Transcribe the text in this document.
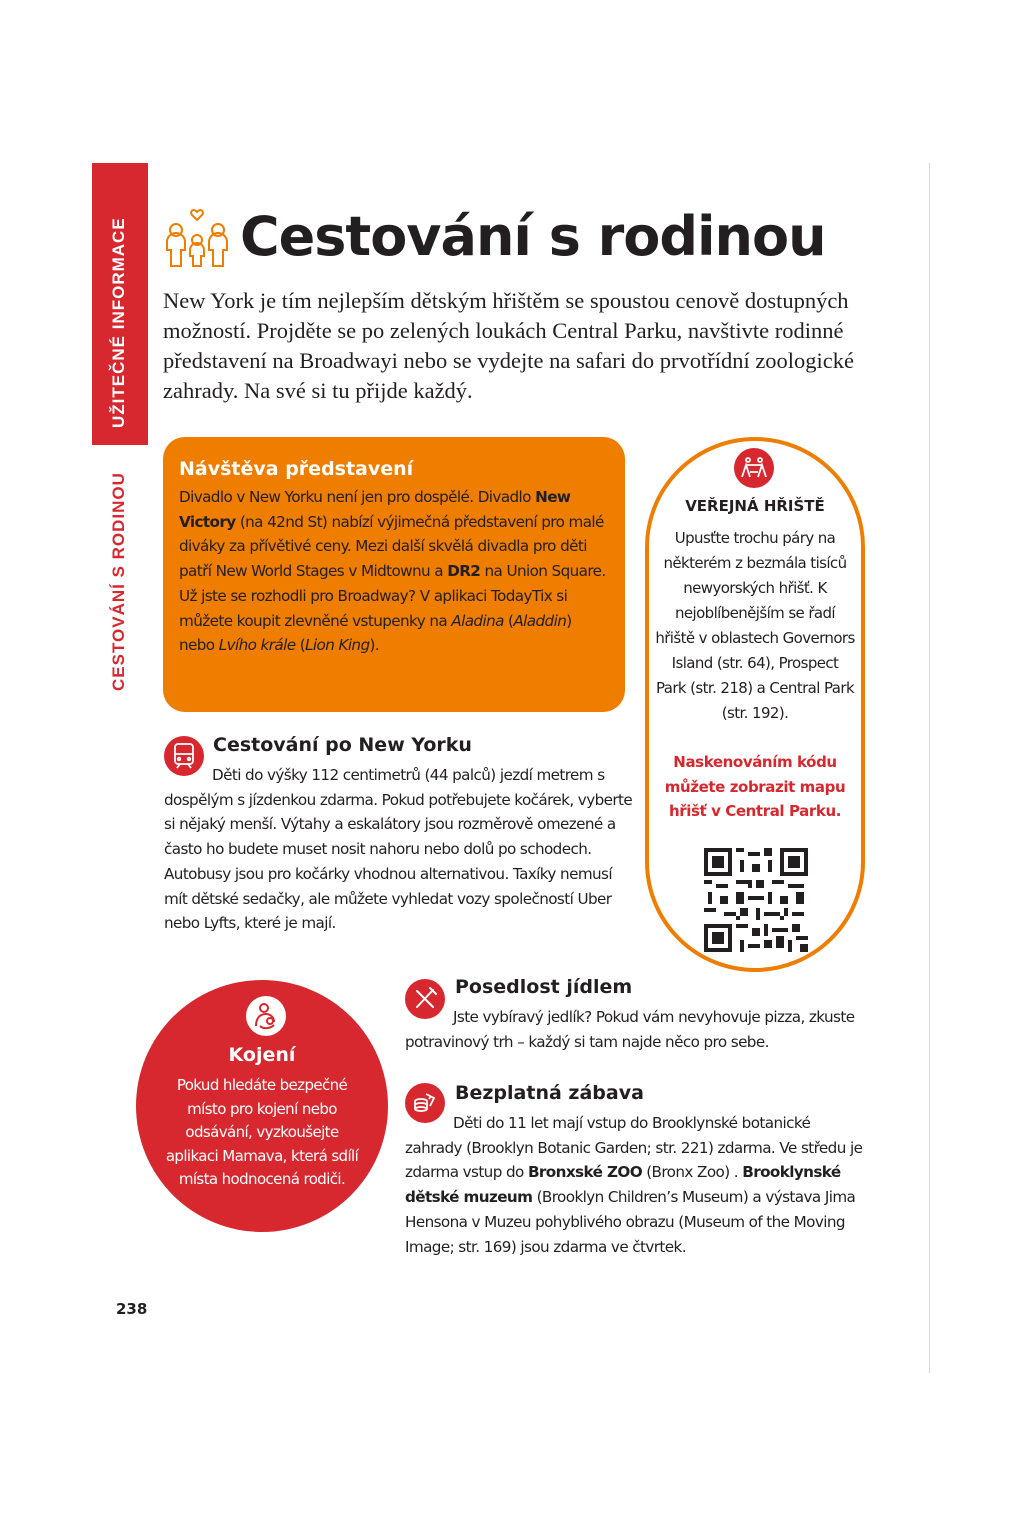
UŽITEČNÉ INFORMACE
CESTOVÁNÍ S RODINOU
Cestování s rodinou
New York je tím nejlepším dětským hřištěm se spoustou cenově dostupných možností. Projděte se po zelených loukách Central Parku, navštivte rodinné představení na Broadwayi nebo se vydejte na safari do prvotřídní zoologické zahrady. Na své si tu přijde každý.
Návštěva představení

Divadlo v New Yorku není jen pro dospělé. Divadlo New Victory (na 42nd St) nabízí výjimečná představení pro malé diváky za přívětivé ceny. Mezi další skvělá divadla pro děti patří New World Stages v Midtownu a DR2 na Union Square. Už jste se rozhodli pro Broadway? V aplikaci TodayTix si můžete koupit zlevněné vstupenky na Aladina (Aladdin) nebo Lvího krále (Lion King).

VEŘEJNÁ HŘIŠTĚ
Upusťte trochu páry na některém z bezmála tisíců newyorských hřišť. K nejoblíbenějším se řadí hřiště v oblastech Governors Island (str. 64), Prospect Park (str. 218) a Central Park (str. 192).
Naskenováním kódu můžete zobrazit mapu hřišť v Central Parku.
Cestování po New Yorku
Děti do výšky 112 centimetrů (44 palců) jezdí metrem s dospělým s jízdenkou zdarma. Pokud potřebujete kočárek, vyberte si nějaký menší. Výtahy a eskalátory jsou rozměrově omezené a často ho budete muset nosit nahoru nebo dolů po schodech. Autobusy jsou pro kočárky vhodnou alternativou. Taxíky nemusí mít dětské sedačky, ale můžete vyhledat vozy společností Uber nebo Lyfts, které je mají.
Posedlost jídlem
Jste vybíravý jedlík? Pokud vám nevyhovuje pizza, zkuste potravinový trh – každý si tam najde něco pro sebe.
Bezplatná zábava
Děti do 11 let mají vstup do Brooklynské botanické zahrady (Brooklyn Botanic Garden; str. 221) zdarma. Ve středu je zdarma vstup do Bronxské ZOO (Bronx Zoo) . Brooklynské dětské muzeum (Brooklyn Children’s Museum) a výstava Jima Hensona v Muzeu pohyblivého obrazu (Museum of the Moving Image; str. 169) jsou zdarma ve čtvrtek.
Kojení
Pokud hledáte bezpečné místo pro kojení nebo odsávání, vyzkoušejte aplikaci Mamava, která sdílí místa hodnocená rodiči.
238
